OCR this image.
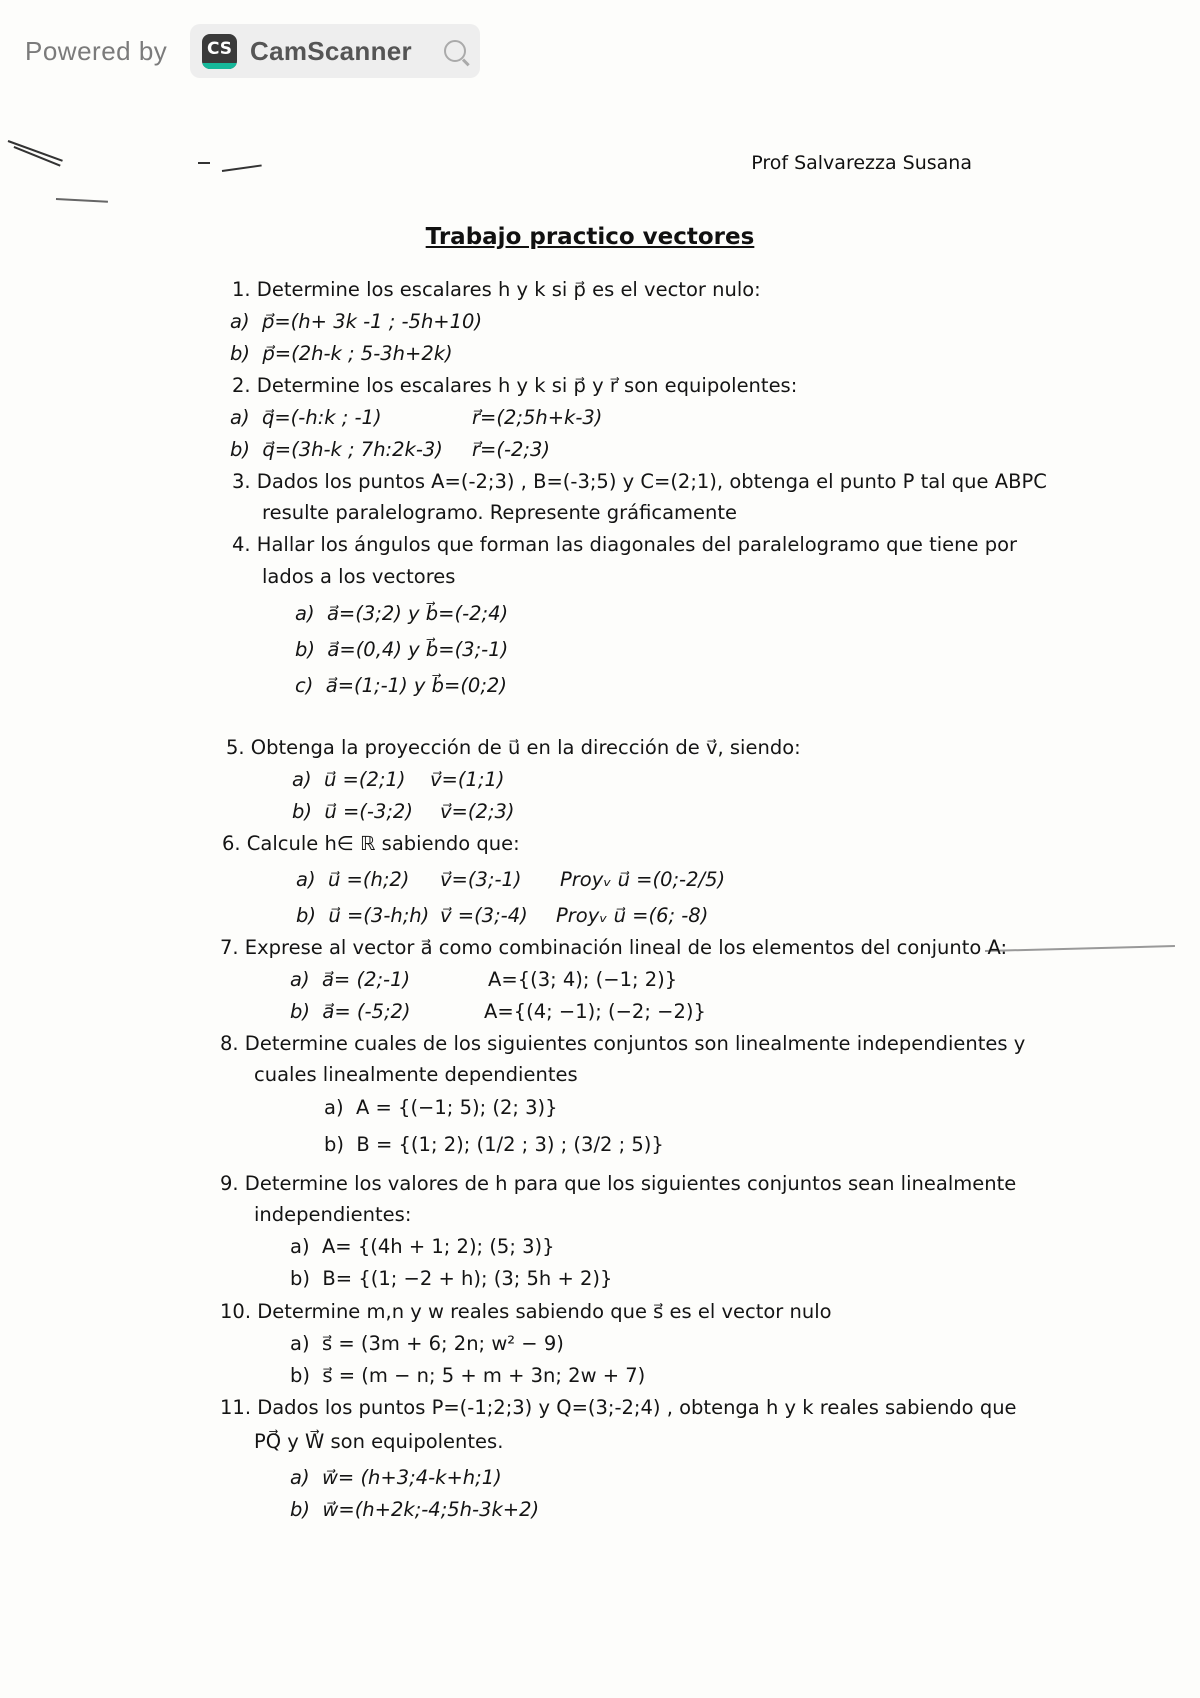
Powered by CS CamScanner
Prof Salvarezza Susana
Trabajo practico vectores
1. Determine los escalares h y k si p⃗ es el vector nulo:
a) p⃗=(h+ 3k -1 ; -5h+10)
b) p⃗=(2h-k ; 5-3h+2k)
2. Determine los escalares h y k si p⃗ y r⃗ son equipolentes:
a) q⃗=(-h:k ; -1)	r⃗=(2;5h+k-3)
b) q⃗=(3h-k ; 7h:2k-3) r⃗=(-2;3)
3. Dados los puntos A=(-2;3) , B=(-3;5) y C=(2;1), obtenga el punto P tal que ABPC
resulte paralelogramo. Represente gráficamente
4. Hallar los ángulos que forman las diagonales del paralelogramo que tiene por
lados a los vectores
a) a⃗=(3;2) y b⃗=(-2;4)
b) a⃗=(0,4) y b⃗=(3;-1)
c) a⃗=(1;-1) y b⃗=(0;2)
5. Obtenga la proyección de u⃗ en la dirección de v⃗, siendo:
a) u⃗ =(2;1) v⃗=(1;1)
b) u⃗ =(-3;2) v⃗=(2;3)
6. Calcule h∈ ℝ sabiendo que:
a) u⃗ =(h;2) v⃗=(3;-1) Proyᵥ u⃗ =(0;-2/5)
b) u⃗ =(3-h;h) v⃗ =(3;-4) Proyᵥ u⃗ =(6; -8)
7. Exprese al vector a⃗ como combinación lineal de los elementos del conjunto A:
a) a⃗= (2;-1)	A={(3; 4); (−1; 2)}
b) a⃗= (-5;2)	A={(4; −1); (−2; −2)}
8. Determine cuales de los siguientes conjuntos son linealmente independientes y
cuales linealmente dependientes
a) A = {(−1; 5); (2; 3)}
b) B = {(1; 2); (1/2 ; 3) ; (3/2 ; 5)}
9. Determine los valores de h para que los siguientes conjuntos sean linealmente
independientes:
a) A= {(4h + 1; 2); (5; 3)}
b) B= {(1; −2 + h); (3; 5h + 2)}
10. Determine m,n y w reales sabiendo que s⃗ es el vector nulo
a) s⃗ = (3m + 6; 2n; w² − 9)
b) s⃗ = (m − n; 5 + m + 3n; 2w + 7)
11. Dados los puntos P=(-1;2;3) y Q=(3;-2;4) , obtenga h y k reales sabiendo que
PQ⃗ y W⃗ son equipolentes.
a) w⃗= (h+3;4-k+h;1)
b) w⃗=(h+2k;-4;5h-3k+2)
